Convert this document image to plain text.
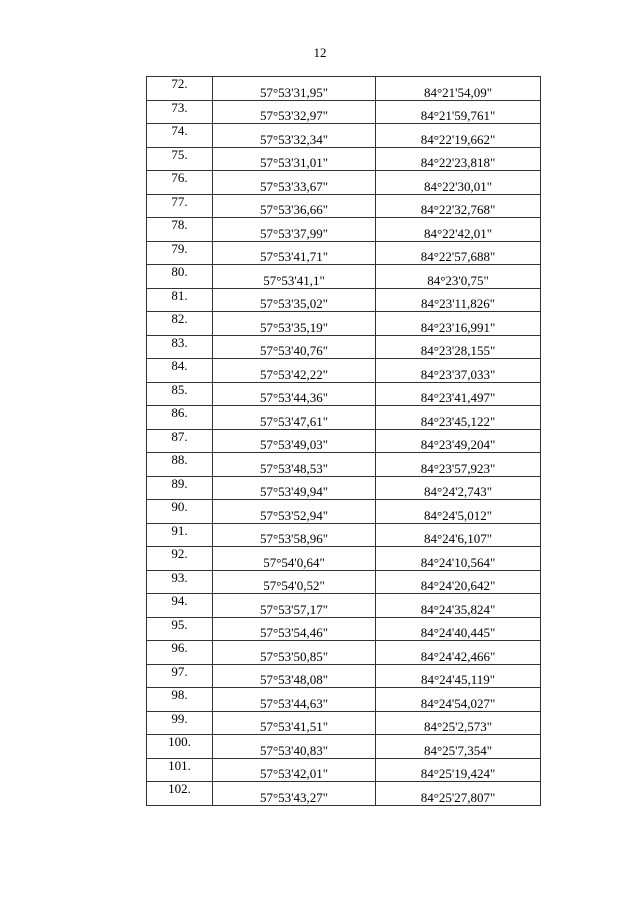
12
72.	57°53'31,95"	84°21'54,09"
73.	57°53'32,97"	84°21'59,761"
74.	57°53'32,34"	84°22'19,662"
75.	57°53'31,01"	84°22'23,818"
76.	57°53'33,67"	84°22'30,01"
77.	57°53'36,66"	84°22'32,768"
78.	57°53'37,99"	84°22'42,01"
79.	57°53'41,71"	84°22'57,688"
80.	57°53'41,1"	84°23'0,75"
81.	57°53'35,02"	84°23'11,826"
82.	57°53'35,19"	84°23'16,991"
83.	57°53'40,76"	84°23'28,155"
84.	57°53'42,22"	84°23'37,033"
85.	57°53'44,36"	84°23'41,497"
86.	57°53'47,61"	84°23'45,122"
87.	57°53'49,03"	84°23'49,204"
88.	57°53'48,53"	84°23'57,923"
89.	57°53'49,94"	84°24'2,743"
90.	57°53'52,94"	84°24'5,012"
91.	57°53'58,96"	84°24'6,107"
92.	57°54'0,64"	84°24'10,564"
93.	57°54'0,52"	84°24'20,642"
94.	57°53'57,17"	84°24'35,824"
95.	57°53'54,46"	84°24'40,445"
96.	57°53'50,85"	84°24'42,466"
97.	57°53'48,08"	84°24'45,119"
98.	57°53'44,63"	84°24'54,027"
99.	57°53'41,51"	84°25'2,573"
100.	57°53'40,83"	84°25'7,354"
101.	57°53'42,01"	84°25'19,424"
102.	57°53'43,27"	84°25'27,807"
